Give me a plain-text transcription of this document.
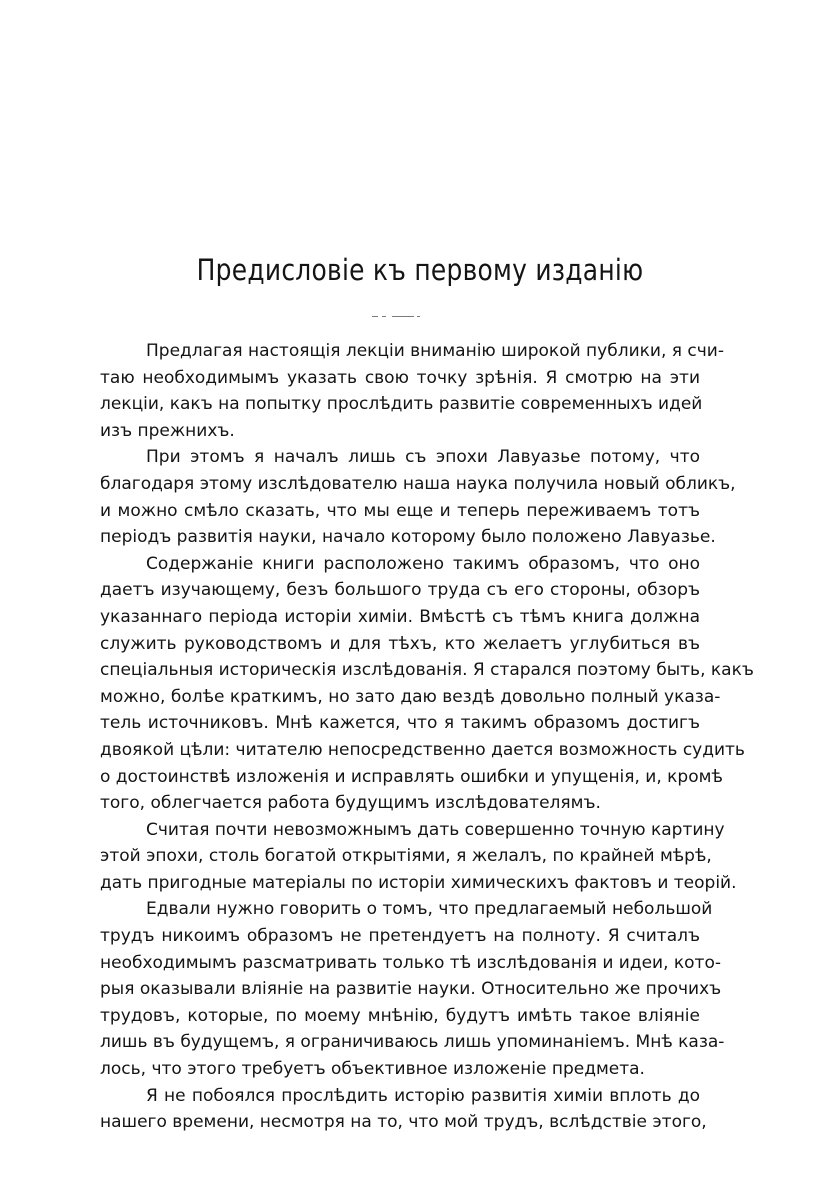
Предисловіе къ первому изданію
Предлагая настоящія лекціи вниманію широкой публики, я счи-
таю необходимымъ указать свою точку зрѣнія. Я смотрю на эти
лекціи, какъ на попытку прослѣдить развитіе современныхъ идей
изъ прежнихъ.
При этомъ я началъ лишь съ эпохи Лавуазье потому, что
благодаря этому изслѣдователю наша наука получила новый обликъ,
и можно смѣло сказать, что мы еще и теперь переживаемъ тотъ
періодъ развитія науки, начало которому было положено Лавуазье.
Содержаніе книги расположено такимъ образомъ, что оно
даетъ изучающему, безъ большого труда съ его стороны, обзоръ
указаннаго періода исторіи химіи. Вмѣстѣ съ тѣмъ книга должна
служить руководствомъ и для тѣхъ, кто желаетъ углубиться въ
спеціальныя историческія изслѣдованія. Я старался поэтому быть, какъ
можно, болѣе краткимъ, но зато даю вездѣ довольно полный указа-
тель источниковъ. Мнѣ кажется, что я такимъ образомъ достигъ
двоякой цѣли: читателю непосредственно дается возможность судить
о достоинствѣ изложенія и исправлять ошибки и упущенія, и, кромѣ
того, облегчается работа будущимъ изслѣдователямъ.
Считая почти невозможнымъ дать совершенно точную картину
этой эпохи, столь богатой открытіями, я желалъ, по крайней мѣрѣ,
дать пригодные матеріалы по исторіи химическихъ фактовъ и теорій.
Едвали нужно говорить о томъ, что предлагаемый небольшой
трудъ никоимъ образомъ не претендуетъ на полноту. Я считалъ
необходимымъ разсматривать только тѣ изслѣдованія и идеи, кото-
рыя оказывали вліяніе на развитіе науки. Относительно же прочихъ
трудовъ, которые, по моему мнѣнію, будутъ имѣть такое вліяніе
лишь въ будущемъ, я ограничиваюсь лишь упоминаніемъ. Мнѣ каза-
лось, что этого требуетъ объективное изложеніе предмета.
Я не побоялся прослѣдить исторію развитія химіи вплоть до
нашего времени, несмотря на то, что мой трудъ, вслѣдствіе этого,
